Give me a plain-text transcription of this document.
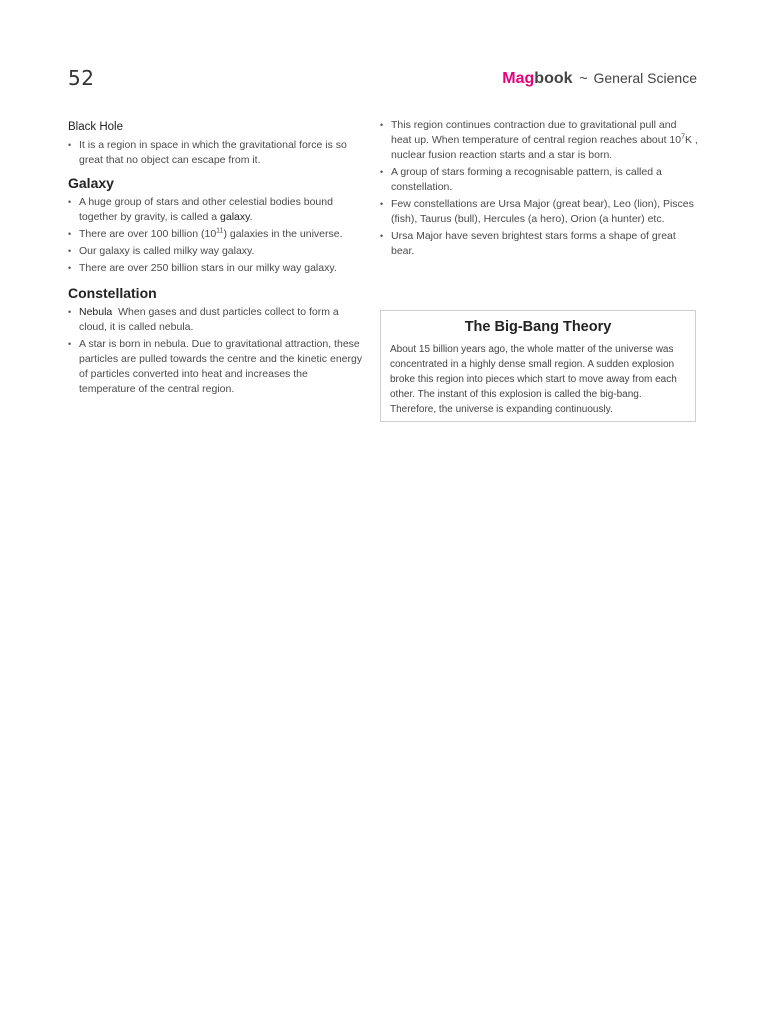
52	Magbook ~ General Science
Black Hole
• It is a region in space in which the gravitational force is so great that no object can escape from it.
Galaxy
• A huge group of stars and other celestial bodies bound together by gravity, is called a galaxy.
• There are over 100 billion $(10^{11})$ galaxies in the universe.
• Our galaxy is called milky way galaxy.
• There are over 250 billion stars in our milky way galaxy.
Constellation
• Nebula  When gases and dust particles collect to form a cloud, it is called nebula.
• A star is born in nebula. Due to gravitational attraction, these particles are pulled towards the centre and the kinetic energy of particles converted into heat and increases the temperature of the central region.
• This region continues contraction due to gravitational pull and heat up. When temperature of central region reaches about $10^7K$ , nuclear fusion reaction starts and a star is born.
• A group of stars forming a recognisable pattern, is called a constellation.
• Few constellations are Ursa Major (great bear), Leo (lion), Pisces (fish), Taurus (bull), Hercules (a hero), Orion (a hunter) etc.
• Ursa Major have seven brightest stars forms a shape of great bear.
The Big-Bang Theory

About 15 billion years ago, the whole matter of the universe was concentrated in a highly dense small region. A sudden explosion broke this region into pieces which start to move away from each other. The instant of this explosion is called the big-bang. Therefore, the universe is expanding continuously.
